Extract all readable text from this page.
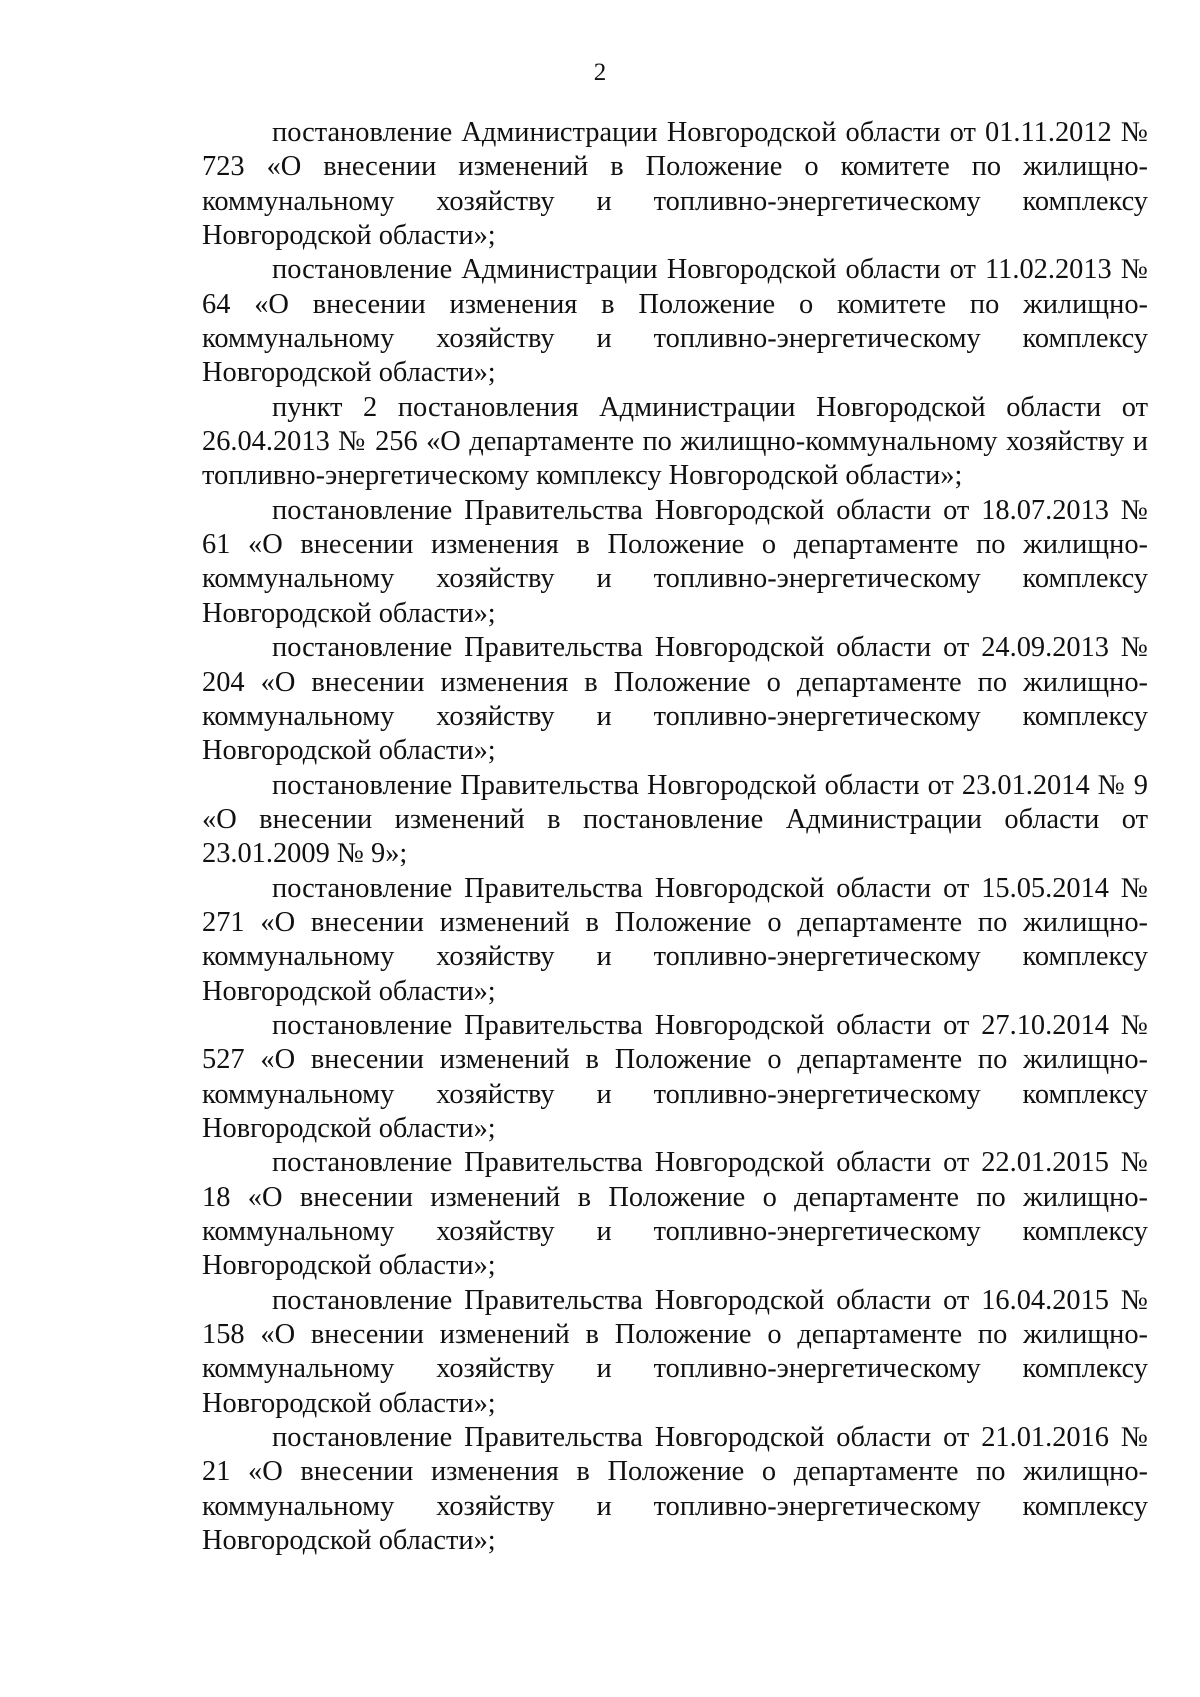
2

постановление Администрации Новгородской области от 01.11.2012 № 723 «О внесении изменений в Положение о комитете по жилищно-коммунальному хозяйству и топливно-энергетическому комплексу Новгородской области»;

постановление Администрации Новгородской области от 11.02.2013 № 64 «О внесении изменения в Положение о комитете по жилищно-коммунальному хозяйству и топливно-энергетическому комплексу Новгородской области»;

пункт 2 постановления Администрации Новгородской области от 26.04.2013 № 256 «О департаменте по жилищно-коммунальному хозяйству и топливно-энергетическому комплексу Новгородской области»;

постановление Правительства Новгородской области от 18.07.2013 № 61 «О внесении изменения в Положение о департаменте по жилищно-коммунальному хозяйству и топливно-энергетическому комплексу Новгородской области»;

постановление Правительства Новгородской области от 24.09.2013 № 204 «О внесении изменения в Положение о департаменте по жилищно-коммунальному хозяйству и топливно-энергетическому комплексу Новгородской области»;

постановление Правительства Новгородской области от 23.01.2014 № 9 «О внесении изменений в постановление Администрации области от 23.01.2009 № 9»;

постановление Правительства Новгородской области от 15.05.2014 № 271 «О внесении изменений в Положение о департаменте по жилищно-коммунальному хозяйству и топливно-энергетическому комплексу Новгородской области»;

постановление Правительства Новгородской области от 27.10.2014 № 527 «О внесении изменений в Положение о департаменте по жилищно-коммунальному хозяйству и топливно-энергетическому комплексу Новгородской области»;

постановление Правительства Новгородской области от 22.01.2015 № 18 «О внесении изменений в Положение о департаменте по жилищно-коммунальному хозяйству и топливно-энергетическому комплексу Новгородской области»;

постановление Правительства Новгородской области от 16.04.2015 № 158 «О внесении изменений в Положение о департаменте по жилищно-коммунальному хозяйству и топливно-энергетическому комплексу Новгородской области»;

постановление Правительства Новгородской области от 21.01.2016 № 21 «О внесении изменения в Положение о департаменте по жилищно-коммунальному хозяйству и топливно-энергетическому комплексу Новгородской области»;
